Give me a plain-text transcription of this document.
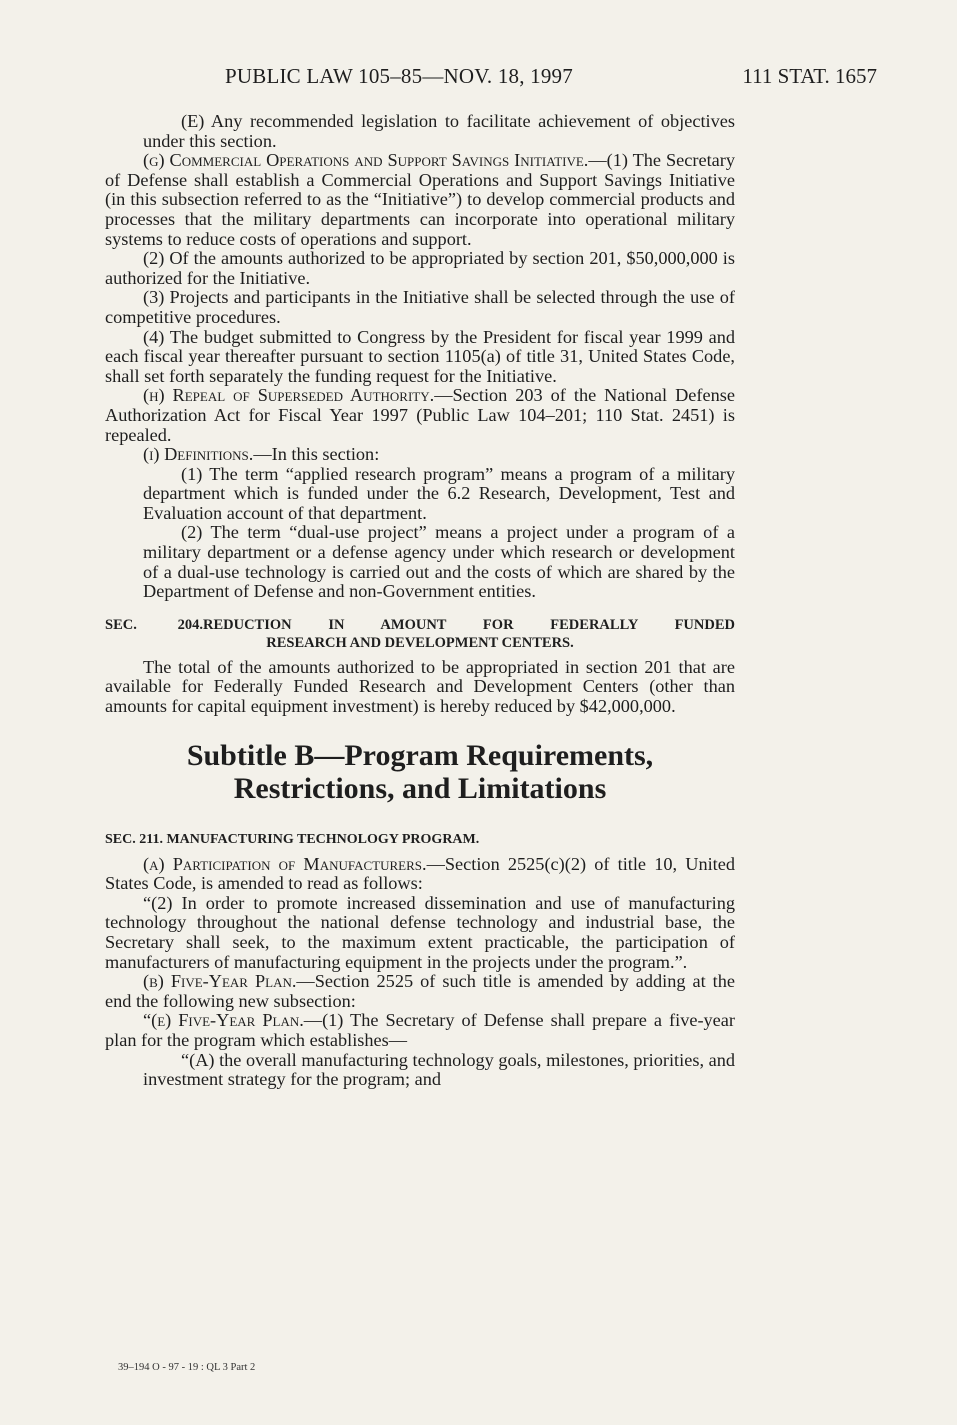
PUBLIC LAW 105–85—NOV. 18, 1997	111 STAT. 1657

(E) Any recommended legislation to facilitate achievement of objectives under this section.

(g) Commercial Operations and Support Savings Initiative.—(1) The Secretary of Defense shall establish a Commercial Operations and Support Savings Initiative (in this subsection referred to as the “Initiative”) to develop commercial products and processes that the military departments can incorporate into operational military systems to reduce costs of operations and support.

(2) Of the amounts authorized to be appropriated by section 201, $50,000,000 is authorized for the Initiative.

(3) Projects and participants in the Initiative shall be selected through the use of competitive procedures.

(4) The budget submitted to Congress by the President for fiscal year 1999 and each fiscal year thereafter pursuant to section 1105(a) of title 31, United States Code, shall set forth separately the funding request for the Initiative.

(h) Repeal of Superseded Authority.—Section 203 of the National Defense Authorization Act for Fiscal Year 1997 (Public Law 104–201; 110 Stat. 2451) is repealed.

(i) Definitions.—In this section:

(1) The term “applied research program” means a program of a military department which is funded under the 6.2 Research, Development, Test and Evaluation account of that department.

(2) The term “dual-use project” means a project under a program of a military department or a defense agency under which research or development of a dual-use technology is carried out and the costs of which are shared by the Department of Defense and non-Government entities.

SEC. 204.REDUCTION IN AMOUNT FOR FEDERALLY FUNDED
RESEARCH AND DEVELOPMENT CENTERS.

The total of the amounts authorized to be appropriated in section 201 that are available for Federally Funded Research and Development Centers (other than amounts for capital equipment investment) is hereby reduced by $42,000,000.

Subtitle B—Program Requirements,
Restrictions, and Limitations
SEC. 211. MANUFACTURING TECHNOLOGY PROGRAM.

(a) Participation of Manufacturers.—Section 2525(c)(2) of title 10, United States Code, is amended to read as follows:

“(2) In order to promote increased dissemination and use of manufacturing technology throughout the national defense technology and industrial base, the Secretary shall seek, to the maximum extent practicable, the participation of manufacturers of manufacturing equipment in the projects under the program.”.

(b) Five-Year Plan.—Section 2525 of such title is amended by adding at the end the following new subsection:

“(e) Five-Year Plan.—(1) The Secretary of Defense shall prepare a five-year plan for the program which establishes—

“(A) the overall manufacturing technology goals, milestones, priorities, and investment strategy for the program; and

39–194 O - 97 - 19 : QL 3 Part 2
